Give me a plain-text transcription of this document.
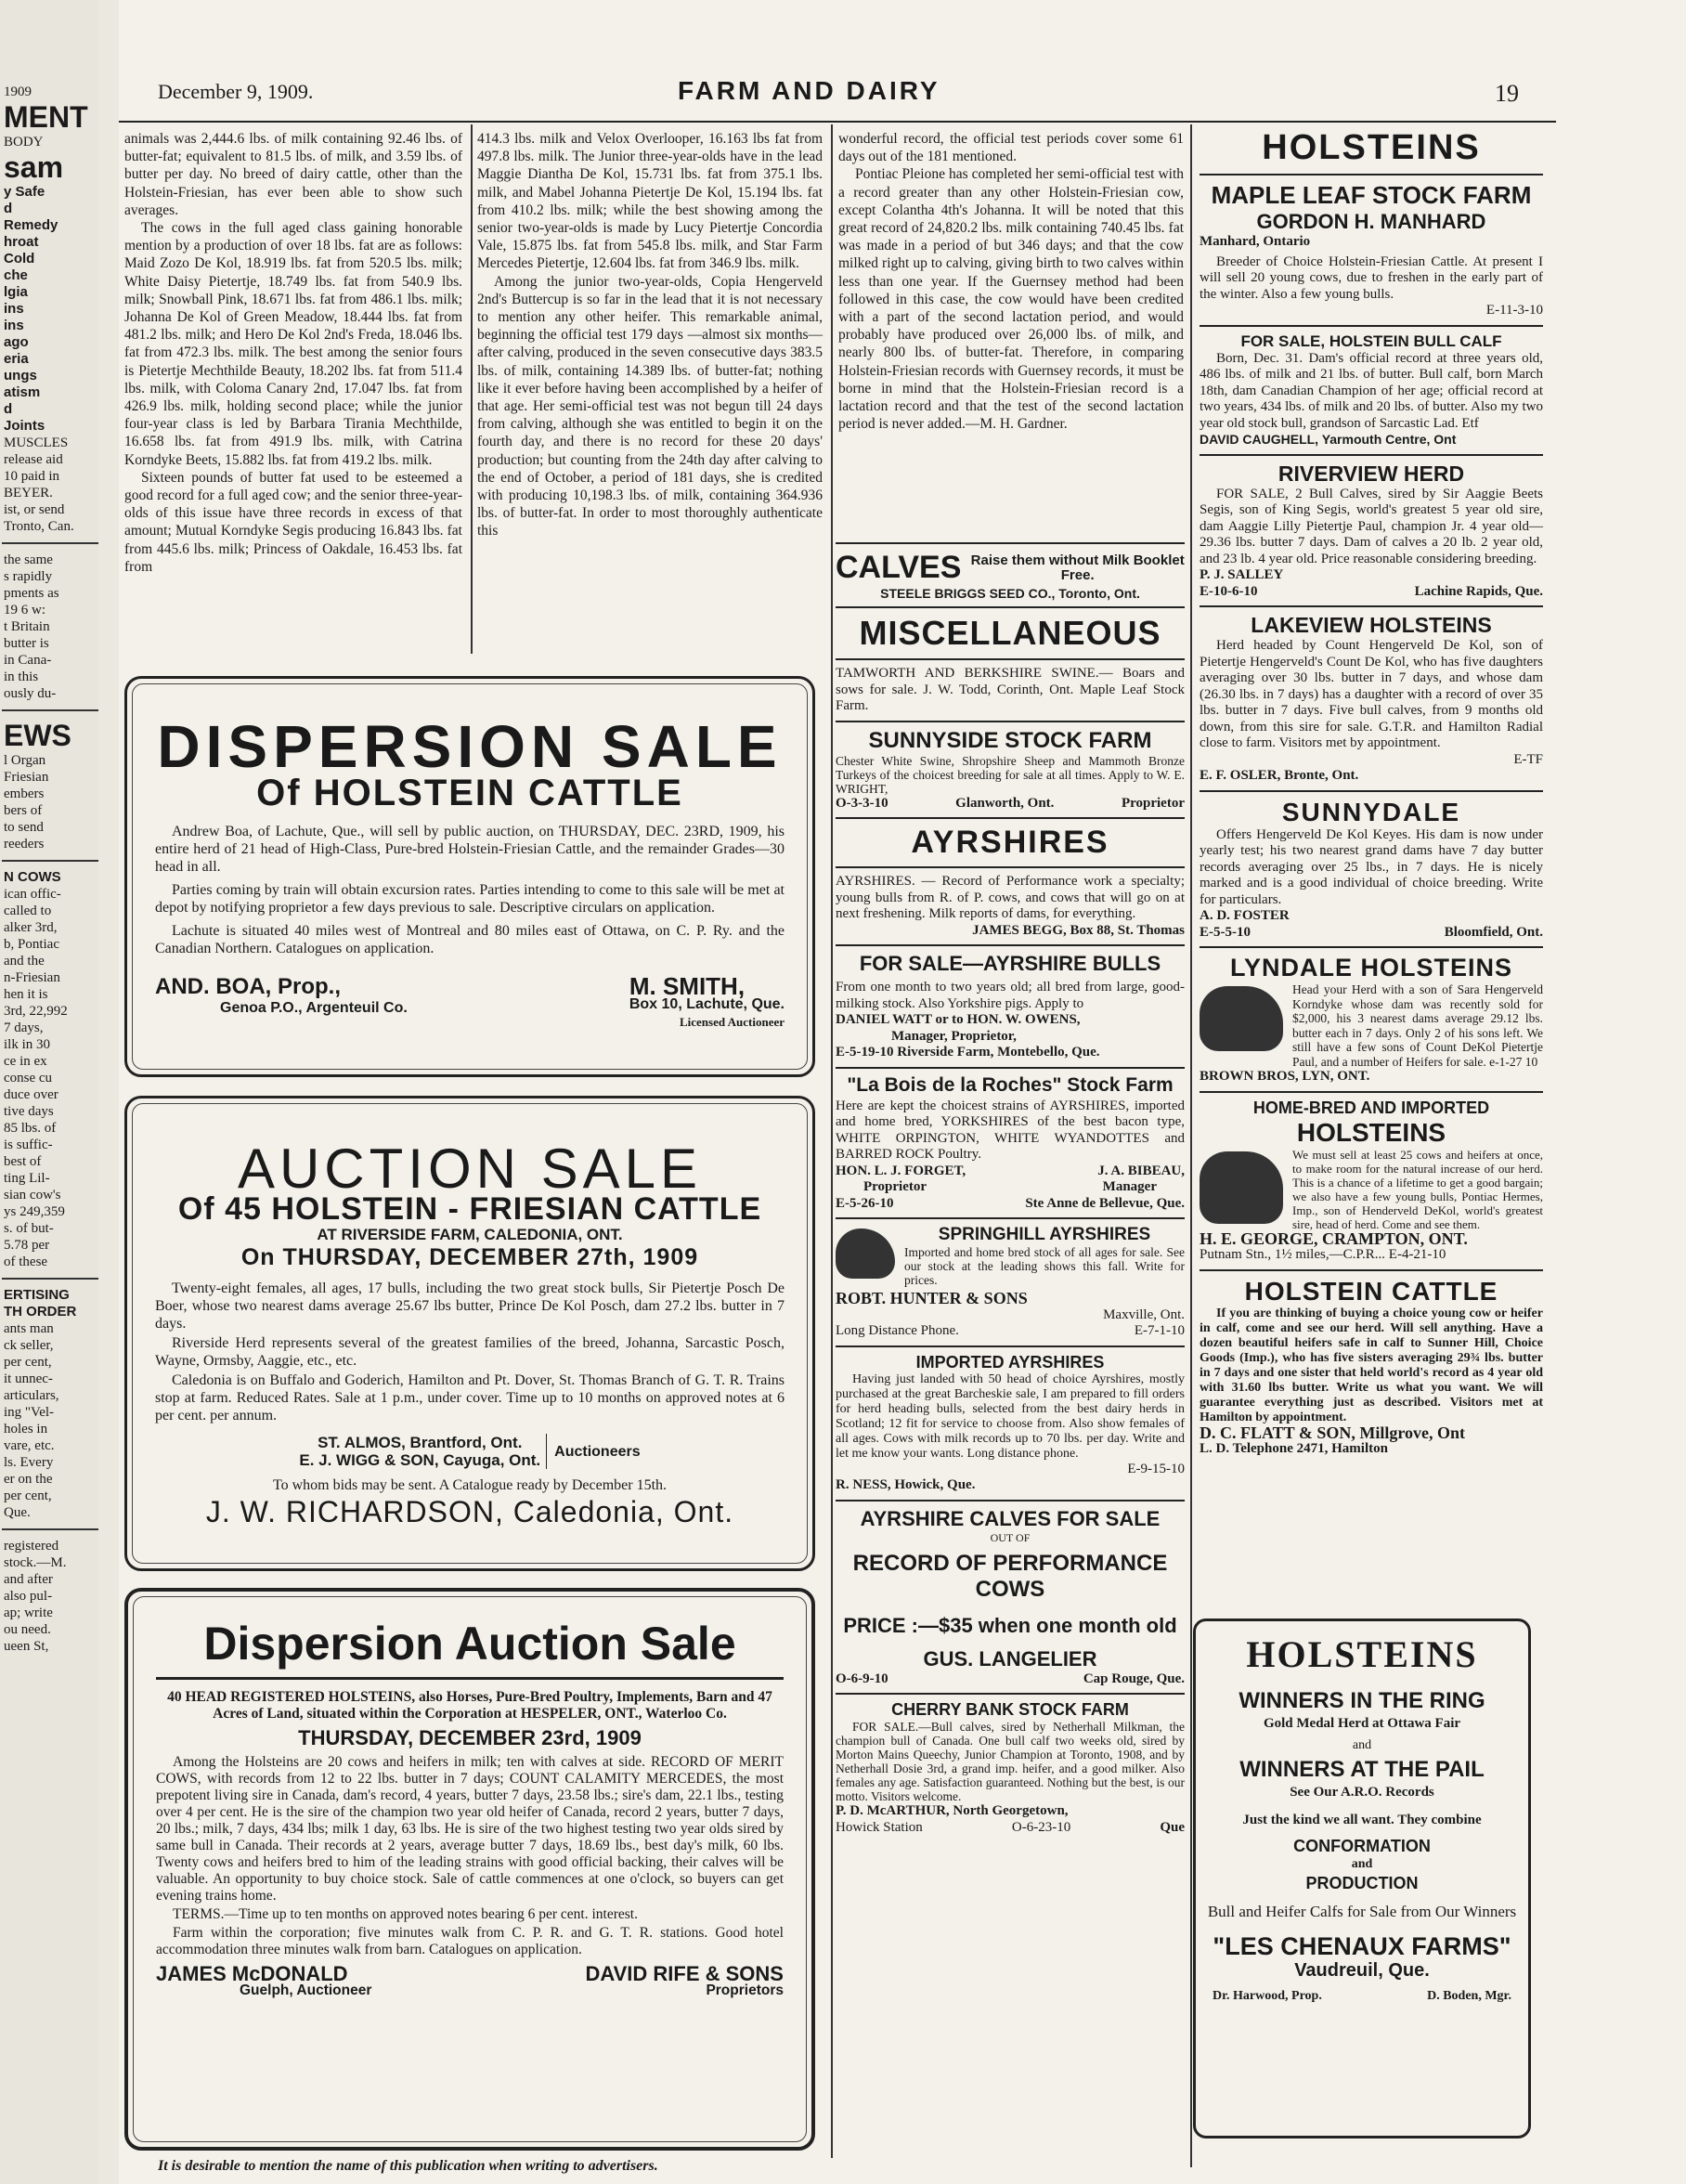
1909
MENT
BODY
sam
y Safe
d
Remedy
hroat
Cold
che
lgia
ins
ins
ago
eria
ungs
atism
d
Joints
MUSCLES
release aid
10 paid in
BEYER.
ist, or send
Tronto, Can.
the same
s rapidly
pments as
19 6 w:
t Britain
butter is
in Cana-
in this
ously du-
EWS
l Organ
Friesian
embers
bers of
to send
reeders
N COWS
ican offic-
called to
alker 3rd,
b, Pontiac
and the
n-Friesian
hen it is
3rd, 22,992
7 days,
ilk in 30
ce in ex
conse cu
duce over
tive days
85 lbs. of
is suffic-
best of
ting Lil-
sian cow's
ys 249,359
s. of but-
5.78 per
of these
ERTISING
TH ORDER
ants man
ck seller,
per cent,
it unnec-
articulars,
ing "Vel-
holes in
vare, etc.
ls. Every
er on the
per cent,
Que.
registered
stock.—M.
and after
also pul-
ap; write
ou need.
ueen St,
December 9, 1909.	FARM AND DAIRY	19

animals was 2,444.6 lbs. of milk containing 92.46 lbs. of butter-fat; equivalent to 81.5 lbs. of milk, and 3.59 lbs. of butter per day. No breed of dairy cattle, other than the Holstein-Friesian, has ever been able to show such averages.

The cows in the full aged class gaining honorable mention by a production of over 18 lbs. fat are as follows: Maid Zozo De Kol, 18.919 lbs. fat from 520.5 lbs. milk; White Daisy Pietertje, 18.749 lbs. fat from 540.9 lbs. milk; Snowball Pink, 18.671 lbs. fat from 486.1 lbs. milk; Johanna De Kol of Green Meadow, 18.444 lbs. fat from 481.2 lbs. milk; and Hero De Kol 2nd's Freda, 18.046 lbs. fat from 472.3 lbs. milk. The best among the senior fours is Pietertje Mechthilde Beauty, 18.202 lbs. fat from 511.4 lbs. milk, with Coloma Canary 2nd, 17.047 lbs. fat from 426.9 lbs. milk, holding second place; while the junior four-year class is led by Barbara Tirania Mechthilde, 16.658 lbs. fat from 491.9 lbs. milk, with Catrina Korndyke Beets, 15.882 lbs. fat from 419.2 lbs. milk.

Sixteen pounds of butter fat used to be esteemed a good record for a full aged cow; and the senior three-year-olds of this issue have three records in excess of that amount; Mutual Korndyke Segis producing 16.843 lbs. fat from 445.6 lbs. milk; Princess of Oakdale, 16.453 lbs. fat from

414.3 lbs. milk and Velox Overlooper, 16.163 lbs fat from 497.8 lbs. milk. The Junior three-year-olds have in the lead Maggie Diantha De Kol, 15.731 lbs. fat from 375.1 lbs. milk, and Mabel Johanna Pietertje De Kol, 15.194 lbs. fat from 410.2 lbs. milk; while the best showing among the senior two-year-olds is made by Lucy Pietertje Concordia Vale, 15.875 lbs. fat from 545.8 lbs. milk, and Star Farm Mercedes Pietertje, 12.604 lbs. fat from 346.9 lbs. milk.

Among the junior two-year-olds, Copia Hengerveld 2nd's Buttercup is so far in the lead that it is not necessary to mention any other heifer. This remarkable animal, beginning the official test 179 days —almost six months—after calving, produced in the seven consecutive days 383.5 lbs. of milk, containing 14.389 lbs. of butter-fat; nothing like it ever before having been accomplished by a heifer of that age. Her semi-official test was not begun till 24 days from calving, although she was entitled to begin it on the fourth day, and there is no record for these 20 days' production; but counting from the 24th day after calving to the end of October, a period of 181 days, she is credited with producing 10,198.3 lbs. of milk, containing 364.936 lbs. of butter-fat. In order to most thoroughly authenticate this

wonderful record, the official test periods cover some 61 days out of the 181 mentioned.

Pontiac Pleione has completed her semi-official test with a record greater than any other Holstein-Friesian cow, except Colantha 4th's Johanna. It will be noted that this great record of 24,820.2 lbs. milk containing 740.45 lbs. fat was made in a period of but 346 days; and that the cow milked right up to calving, giving birth to two calves within less than one year. If the Guernsey method had been followed in this case, the cow would have been credited with a part of the second lactation period, and would probably have produced over 26,000 lbs. of milk, and nearly 800 lbs. of butter-fat. Therefore, in comparing Holstein-Friesian records with Guernsey records, it must be borne in mind that the Holstein-Friesian record is a lactation record and that the test of the second lactation period is never added.—M. H. Gardner.

DISPERSION SALE
Of HOLSTEIN CATTLE

Andrew Boa, of Lachute, Que., will sell by public auction, on THURSDAY, DEC. 23RD, 1909, his entire herd of 21 head of High-Class, Pure-bred Holstein-Friesian Cattle, and the remainder Grades—30 head in all.

Parties coming by train will obtain excursion rates. Parties intending to come to this sale will be met at depot by notifying proprietor a few days previous to sale. Descriptive circulars on application.

Lachute is situated 40 miles west of Montreal and 80 miles east of Ottawa, on C. P. Ry. and the Canadian Northern. Catalogues on application.

AND. BOA, Prop.,
Genoa P.O., Argenteuil Co.
M. SMITH,
Box 10, Lachute, Que.
Licensed Auctioneer
AUCTION SALE
Of 45 HOLSTEIN - FRIESIAN CATTLE
AT RIVERSIDE FARM, CALEDONIA, ONT.
On THURSDAY, DECEMBER 27th, 1909

Twenty-eight females, all ages, 17 bulls, including the two great stock bulls, Sir Pietertje Posch De Boer, whose two nearest dams average 25.67 lbs butter, Prince De Kol Posch, dam 27.2 lbs. butter in 7 days.

Riverside Herd represents several of the greatest families of the breed, Johanna, Sarcastic Posch, Wayne, Ormsby, Aaggie, etc., etc.

Caledonia is on Buffalo and Goderich, Hamilton and Pt. Dover, St. Thomas Branch of G. T. R. Trains stop at farm. Reduced Rates. Sale at 1 p.m., under cover. Time up to 10 months on approved notes at 6 per cent. per annum.

ST. ALMOS, Brantford, Ont.
E. J. WIGG & SON, Cayuga, Ont. Auctioneers
To whom bids may be sent. A Catalogue ready by December 15th.
J. W. RICHARDSON, Caledonia, Ont.
Dispersion Auction Sale

40 HEAD REGISTERED HOLSTEINS, also Horses, Pure-Bred Poultry, Implements, Barn and 47 Acres of Land, situated within the Corporation at HESPELER, ONT., Waterloo Co.

THURSDAY, DECEMBER 23rd, 1909

Among the Holsteins are 20 cows and heifers in milk; ten with calves at side. RECORD OF MERIT COWS, with records from 12 to 22 lbs. butter in 7 days; COUNT CALAMITY MERCEDES, the most prepotent living sire in Canada, dam's record, 4 years, butter 7 days, 23.58 lbs.; sire's dam, 22.1 lbs., testing over 4 per cent. He is the sire of the champion two year old heifer of Canada, record 2 years, butter 7 days, 20 lbs.; milk, 7 days, 434 lbs; milk 1 day, 63 lbs. He is sire of the two highest testing two year olds sired by same bull in Canada. Their records at 2 years, average butter 7 days, 18.69 lbs., best day's milk, 60 lbs. Twenty cows and heifers bred to him of the leading strains with good official backing, their calves will be valuable. An opportunity to buy choice stock. Sale of cattle commences at one o'clock, so buyers can get evening trains home.

TERMS.—Time up to ten months on approved notes bearing 6 per cent. interest.

Farm within the corporation; five minutes walk from C. P. R. and G. T. R. stations. Good hotel accommodation three minutes walk from barn. Catalogues on application.

JAMES McDONALD
Guelph, Auctioneer
DAVID RIFE & SONS
Proprietors
It is desirable to mention the name of this publication when writing to advertisers.
CALVES Raise them without Milk Booklet Free.
STEELE BRIGGS SEED CO., Toronto, Ont.
MISCELLANEOUS

TAMWORTH AND BERKSHIRE SWINE.— Boars and sows for sale. J. W. Todd, Corinth, Ont. Maple Leaf Stock Farm.

SUNNYSIDE STOCK FARM

Chester White Swine, Shropshire Sheep and Mammoth Bronze Turkeys of the choicest breeding for sale at all times. Apply to W. E. WRIGHT,

O-3-3-10	Glanworth, Ont.	Proprietor
AYRSHIRES

AYRSHIRES. — Record of Performance work a specialty; young bulls from R. of P. cows, and cows that will go on at next freshening. Milk reports of dams, for everything.

JAMES BEGG, Box 88, St. Thomas
FOR SALE—AYRSHIRE BULLS

From one month to two years old; all bred from large, good-milking stock. Also Yorkshire pigs. Apply to

DANIEL WATT or to HON. W. OWENS,
Manager, Proprietor,
E-5-19-10 Riverside Farm, Montebello, Que.
"La Bois de la Roches" Stock Farm

Here are kept the choicest strains of AYRSHIRES, imported and home bred, YORKSHIRES of the best bacon type, WHITE ORPINGTON, WHITE WYANDOTTES and BARRED ROCK Poultry.

HON. L. J. FORGET,	J. A. BIBEAU,
Proprietor	Manager
E-5-26-10	Ste Anne de Bellevue, Que.
SPRINGHILL AYRSHIRES

Imported and home bred stock of all ages for sale. See our stock at the leading shows this fall. Write for prices.

ROBT. HUNTER & SONS
Maxville, Ont.
Long Distance Phone.	E-7-1-10
IMPORTED AYRSHIRES

Having just landed with 50 head of choice Ayrshires, mostly purchased at the great Barcheskie sale, I am prepared to fill orders for herd heading bulls, selected from the best dairy herds in Scotland; 12 fit for service to choose from. Also show females of all ages. Cows with milk records up to 70 lbs. per day. Write and let me know your wants. Long distance phone.

E-9-15-10
R. NESS, Howick, Que.
AYRSHIRE CALVES FOR SALE
OUT OF
RECORD OF PERFORMANCE COWS
PRICE :—$35 when one month old
GUS. LANGELIER
O-6-9-10	Cap Rouge, Que.
CHERRY BANK STOCK FARM

FOR SALE.—Bull calves, sired by Netherhall Milkman, the champion bull of Canada. One bull calf two weeks old, sired by Morton Mains Queechy, Junior Champion at Toronto, 1908, and by Netherhall Dosie 3rd, a grand imp. heifer, and a good milker. Also females any age. Satisfaction guaranteed. Nothing but the best, is our motto. Visitors welcome.

P. D. McARTHUR, North Georgetown,
Howick Station	O-6-23-10	Que
HOLSTEINS
MAPLE LEAF STOCK FARM
GORDON H. MANHARD
Manhard, Ontario

Breeder of Choice Holstein-Friesian Cattle. At present I will sell 20 young cows, due to freshen in the early part of the winter. Also a few young bulls.

E-11-3-10
FOR SALE, HOLSTEIN BULL CALF

Born, Dec. 31. Dam's official record at three years old, 486 lbs. of milk and 21 lbs. of butter. Bull calf, born March 18th, dam Canadian Champion of her age; official record at two years, 434 lbs. of milk and 20 lbs. of butter. Also my two year old stock bull, grandson of Sarcastic Lad. Etf

DAVID CAUGHELL, Yarmouth Centre, Ont
RIVERVIEW HERD

FOR SALE, 2 Bull Calves, sired by Sir Aaggie Beets Segis, son of King Segis, world's greatest 5 year old sire, dam Aaggie Lilly Pietertje Paul, champion Jr. 4 year old—29.36 lbs. butter 7 days. Dam of calves a 20 lb. 2 year old, and 23 lb. 4 year old. Price reasonable considering breeding.

P. J. SALLEY
E-10-6-10	Lachine Rapids, Que.
LAKEVIEW HOLSTEINS

Herd headed by Count Hengerveld De Kol, son of Pietertje Hengerveld's Count De Kol, who has five daughters averaging over 30 lbs. butter in 7 days, and whose dam (26.30 lbs. in 7 days) has a daughter with a record of over 35 lbs. butter in 7 days. Five bull calves, from 9 months old down, from this sire for sale. G.T.R. and Hamilton Radial close to farm. Visitors met by appointment.

E-TF
E. F. OSLER, Bronte, Ont.
SUNNYDALE

Offers Hengerveld De Kol Keyes. His dam is now under yearly test; his two nearest grand dams have 7 day butter records averaging over 25 lbs., in 7 days. He is nicely marked and is a good individual of choice breeding. Write for particulars.

A. D. FOSTER
E-5-5-10	Bloomfield, Ont.
LYNDALE HOLSTEINS

Head your Herd with a son of Sara Hengerveld Korndyke whose dam was recently sold for $2,000, his 3 nearest dams average 29.12 lbs. butter each in 7 days. Only 2 of his sons left. We still have a few sons of Count DeKol Pietertje Paul, and a number of Heifers for sale. e-1-27 10

BROWN BROS, LYN, ONT.
HOME-BRED AND IMPORTED
HOLSTEINS

We must sell at least 25 cows and heifers at once, to make room for the natural increase of our herd. This is a chance of a lifetime to get a good bargain; we also have a few young bulls, Pontiac Hermes, Imp., son of Henderveld DeKol, world's greatest sire, head of herd. Come and see them.

H. E. GEORGE, CRAMPTON, ONT.
Putnam Stn., 1½ miles,—C.P.R... E-4-21-10
HOLSTEIN CATTLE

If you are thinking of buying a choice young cow or heifer in calf, come and see our herd. Will sell anything. Have a dozen beautiful heifers safe in calf to Sunner Hill, Choice Goods (Imp.), who has five sisters averaging 29¾ lbs. butter in 7 days and one sister that held world's record as 4 year old with 31.60 lbs butter. Write us what you want. We will guarantee everything just as described. Visitors met at Hamilton by appointment.

D. C. FLATT & SON, Millgrove, Ont
L. D. Telephone 2471, Hamilton
HOLSTEINS
WINNERS IN THE RING
Gold Medal Herd at Ottawa Fair
and
WINNERS AT THE PAIL
See Our A.R.O. Records
Just the kind we all want. They combine
CONFORMATION
and
PRODUCTION
Bull and Heifer Calfs for Sale from Our Winners
"LES CHENAUX FARMS"
Vaudreuil, Que.
Dr. Harwood, Prop.	D. Boden, Mgr.
